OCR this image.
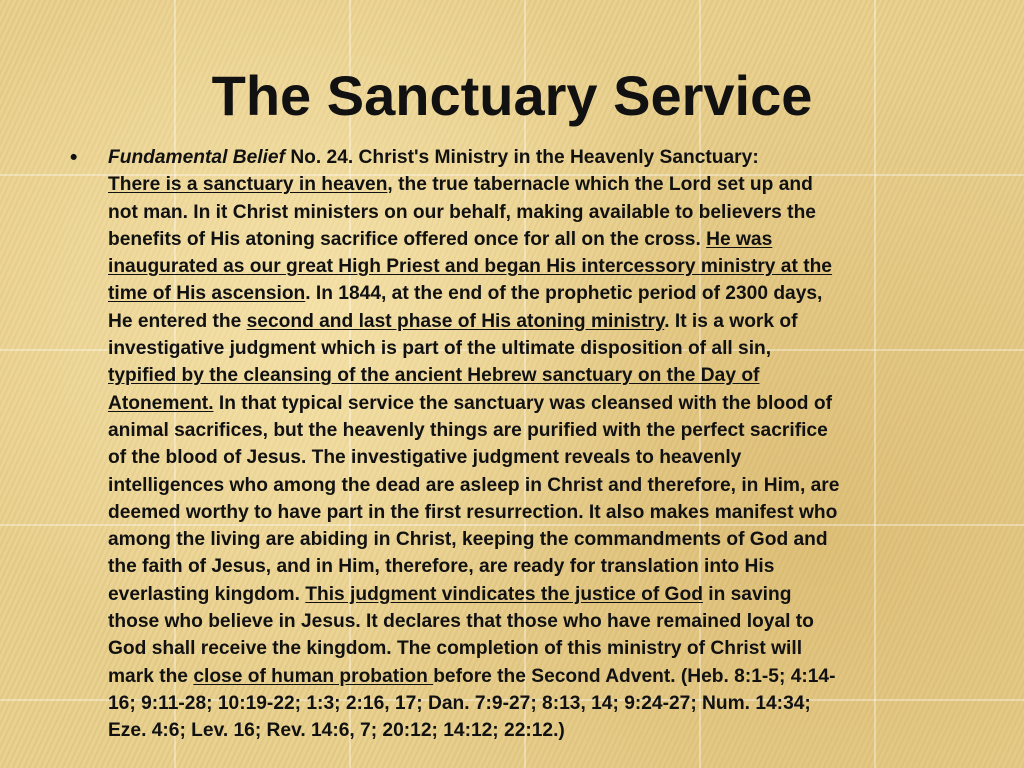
The Sanctuary Service
•	Fundamental Belief No. 24. Christ's Ministry in the Heavenly Sanctuary:
There is a sanctuary in heaven, the true tabernacle which the Lord set up and
not man. In it Christ ministers on our behalf, making available to believers the
benefits of His atoning sacrifice offered once for all on the cross. He was
inaugurated as our great High Priest and began His intercessory ministry at the
time of His ascension. In 1844, at the end of the prophetic period of 2300 days,
He entered the second and last phase of His atoning ministry. It is a work of
investigative judgment which is part of the ultimate disposition of all sin,
typified by the cleansing of the ancient Hebrew sanctuary on the Day of
Atonement. In that typical service the sanctuary was cleansed with the blood of
animal sacrifices, but the heavenly things are purified with the perfect sacrifice
of the blood of Jesus. The investigative judgment reveals to heavenly
intelligences who among the dead are asleep in Christ and therefore, in Him, are
deemed worthy to have part in the first resurrection. It also makes manifest who
among the living are abiding in Christ, keeping the commandments of God and
the faith of Jesus, and in Him, therefore, are ready for translation into His
everlasting kingdom. This judgment vindicates the justice of God in saving
those who believe in Jesus. It declares that those who have remained loyal to
God shall receive the kingdom. The completion of this ministry of Christ will
mark the close of human probation before the Second Advent. (Heb. 8:1-5; 4:14-
16; 9:11-28; 10:19-22; 1:3; 2:16, 17; Dan. 7:9-27; 8:13, 14; 9:24-27; Num. 14:34;
Eze. 4:6; Lev. 16; Rev. 14:6, 7; 20:12; 14:12; 22:12.)
